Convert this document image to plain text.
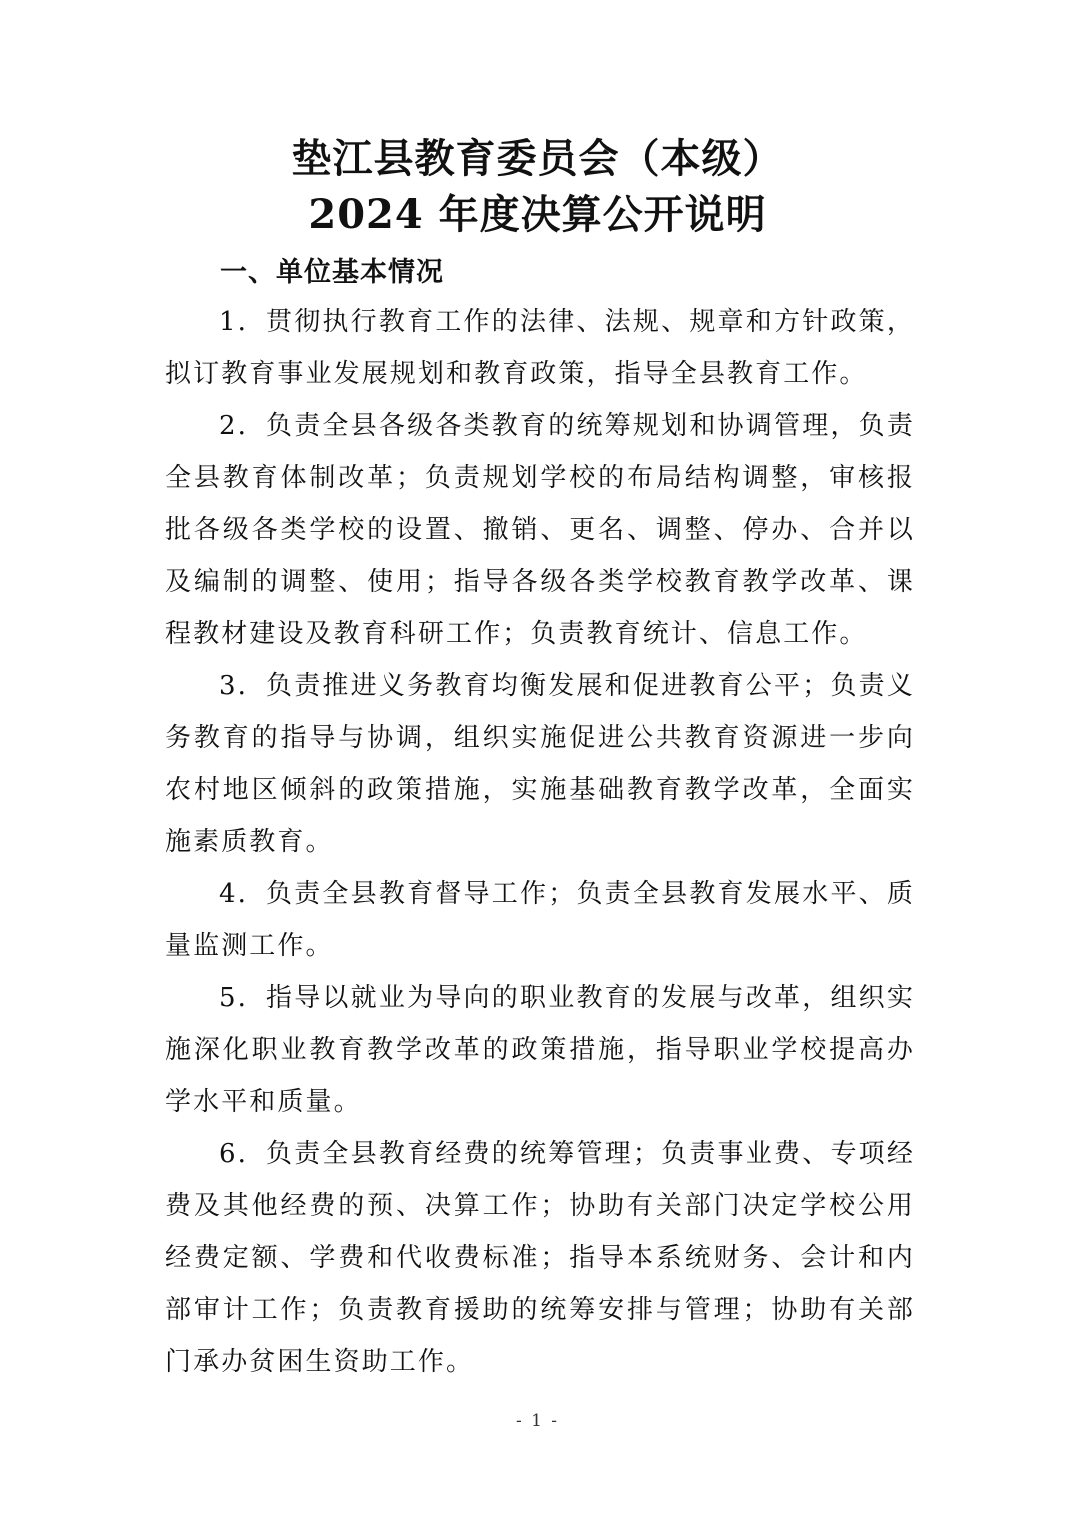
垫江县教育委员会（本级）
2024 年度决算公开说明
一、单位基本情况

1．贯彻执行教育工作的法律、法规、规章和方针政策，拟订教育事业发展规划和教育政策，指导全县教育工作。

2．负责全县各级各类教育的统筹规划和协调管理，负责全县教育体制改革；负责规划学校的布局结构调整，审核报批各级各类学校的设置、撤销、更名、调整、停办、合并以及编制的调整、使用；指导各级各类学校教育教学改革、课程教材建设及教育科研工作；负责教育统计、信息工作。

3．负责推进义务教育均衡发展和促进教育公平；负责义务教育的指导与协调，组织实施促进公共教育资源进一步向农村地区倾斜的政策措施，实施基础教育教学改革，全面实施素质教育。

4．负责全县教育督导工作；负责全县教育发展水平、质量监测工作。

5．指导以就业为导向的职业教育的发展与改革，组织实施深化职业教育教学改革的政策措施，指导职业学校提高办学水平和质量。

6．负责全县教育经费的统筹管理；负责事业费、专项经费及其他经费的预、决算工作；协助有关部门决定学校公用经费定额、学费和代收费标准；指导本系统财务、会计和内部审计工作；负责教育援助的统筹安排与管理；协助有关部门承办贫困生资助工作。

- 1 -
